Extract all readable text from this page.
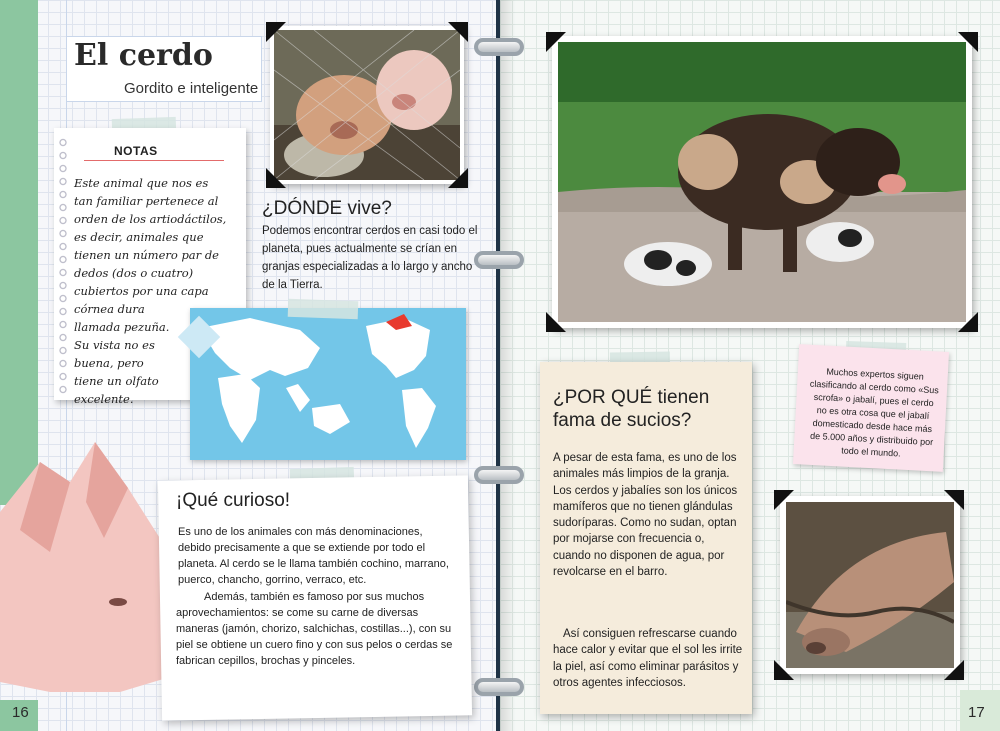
El cerdo
Gordito e inteligente
NOTAS
Este animal que nos es
tan familiar pertenece al
orden de los artiodáctilos,
es decir, animales que
tienen un número par de
dedos (dos o cuatro)
cubiertos por una capa
córnea dura
llamada pezuña.
Su vista no es
buena, pero
tiene un olfato
excelente.
¿DÓNDE vive?
Podemos encontrar cerdos en casi todo el planeta, pues actualmente se crían en granjas especializadas a lo largo y ancho de la Tierra.
¡Qué curioso!
Es uno de los animales con más denominaciones, debido precisamente a que se extiende por todo el planeta. Al cerdo se le llama también cochino, marrano, puerco, chancho, gorrino, verraco, etc.
Además, también es famoso por sus muchos aprovechamientos: se come su carne de diversas maneras (jamón, chorizo, salchichas, costillas...), con su piel se obtiene un cuero fino y con sus pelos o cerdas se fabrican cepillos, brochas y pinceles.
16
Muchos expertos siguen clasificando al cerdo como «Sus scrofa» o jabalí, pues el cerdo no es otra cosa que el jabalí domesticado desde hace más de 5.000 años y distribuido por todo el mundo.
¿POR QUÉ tienen fama de sucios?
A pesar de esta fama, es uno de los animales más limpios de la granja. Los cerdos y jabalíes son los únicos mamíferos que no tienen glándulas sudoríparas. Como no sudan, optan por mojarse con frecuencia o, cuando no disponen de agua, por revolcarse en el barro.
Así consiguen refrescarse cuando hace calor y evitar que el sol les irrite la piel, así como eliminar parásitos y otros agentes infecciosos.
17
